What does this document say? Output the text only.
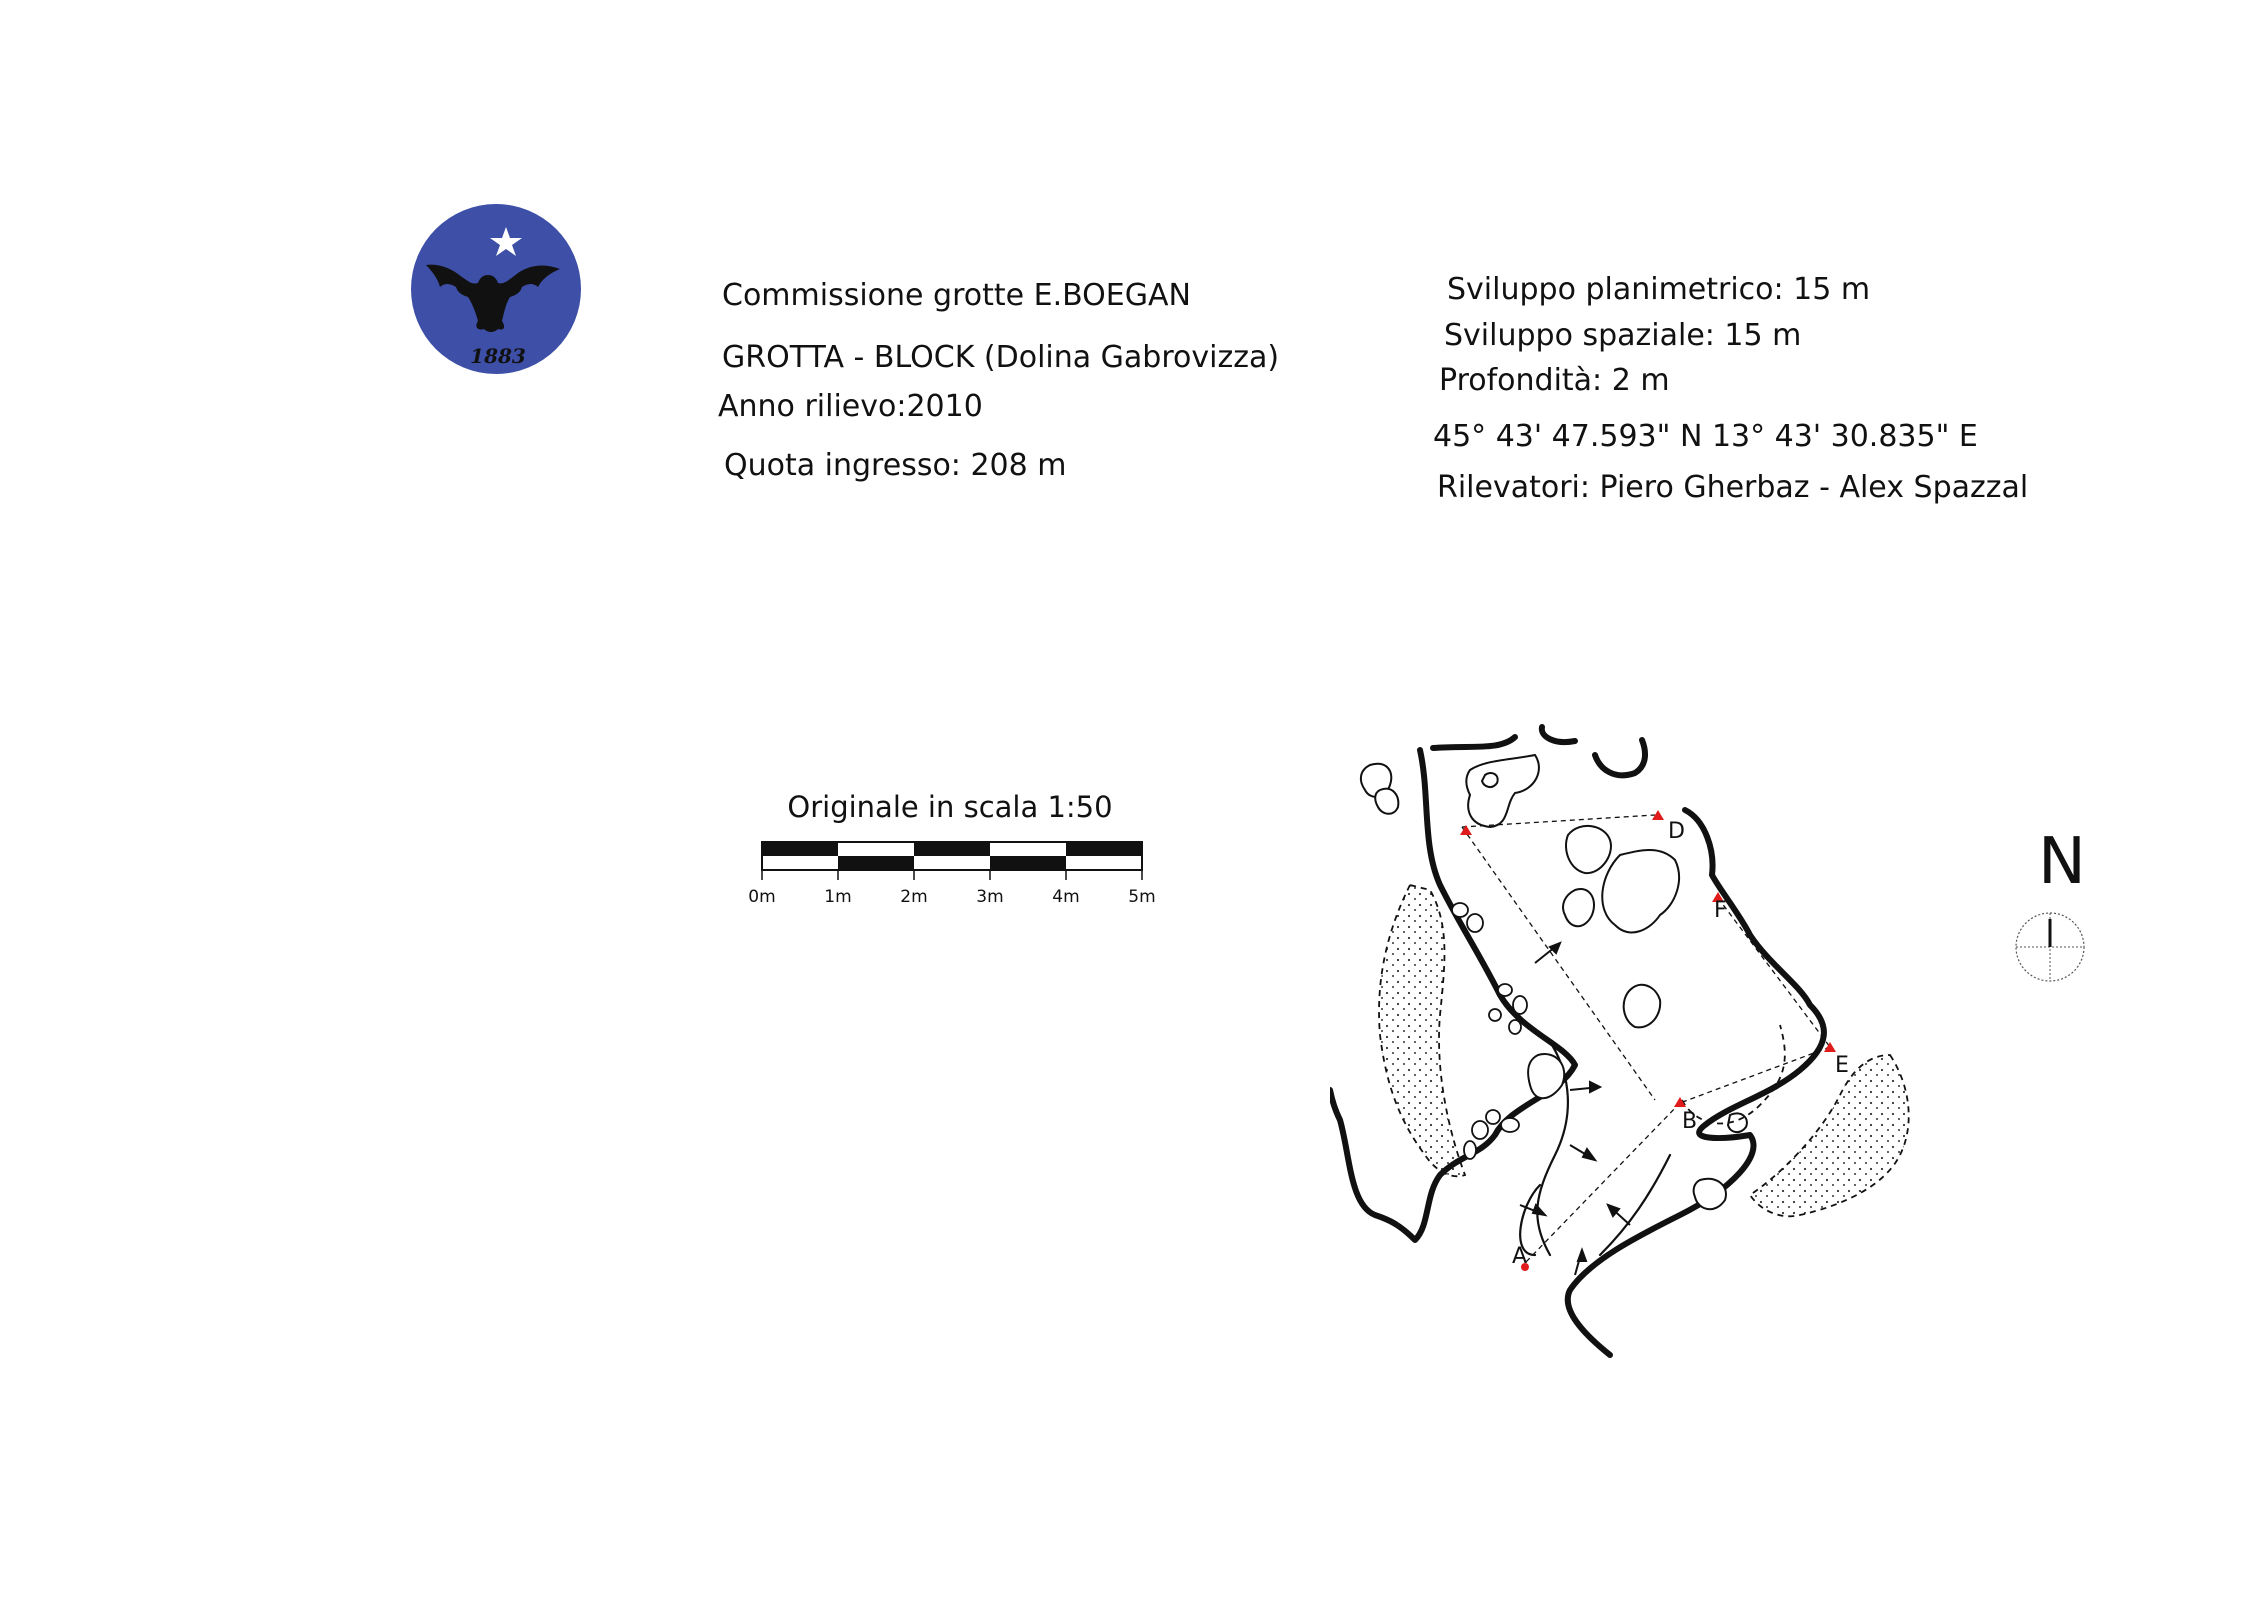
1883
Commissione grotte E.BOEGAN
GROTTA - BLOCK (Dolina Gabrovizza)
Anno rilievo:2010
Quota ingresso: 208 m
Sviluppo planimetrico: 15 m
Sviluppo spaziale: 15 m
Profondità: 2 m
45° 43' 47.593" N 13° 43' 30.835" E
Rilevatori: Piero Gherbaz - Alex Spazzal
Originale in scala 1:50
0m	1m	2m	3m	4m	5m
D
F
E
B
A
N
